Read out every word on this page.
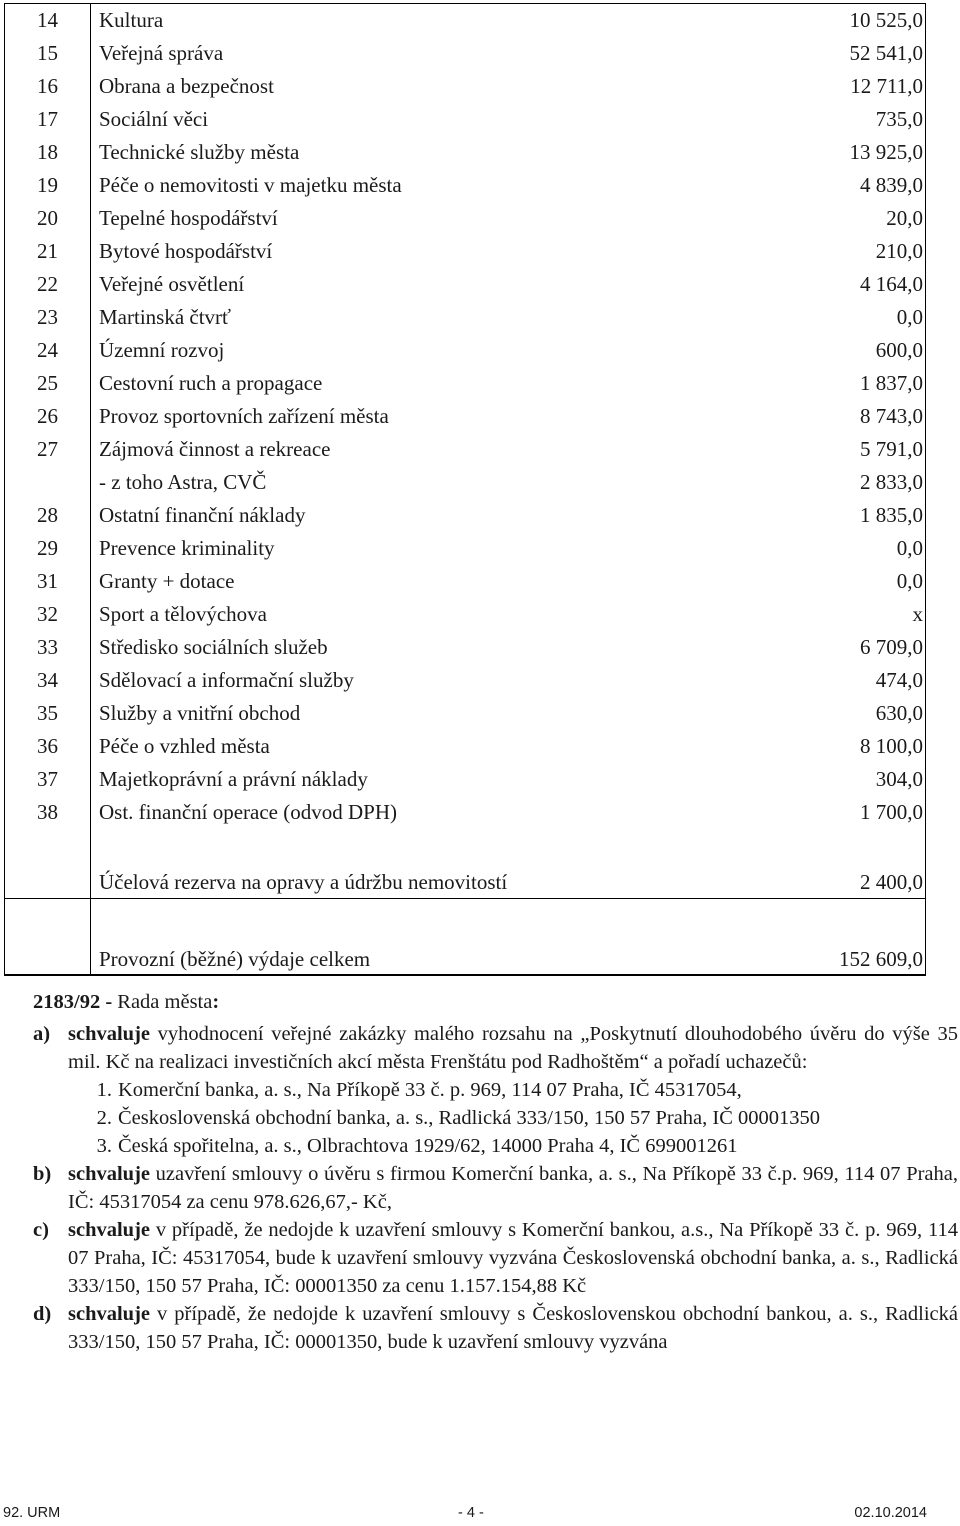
14	Kultura	10 525,0
15	Veřejná správa	52 541,0
16	Obrana a bezpečnost	12 711,0
17	Sociální věci	735,0
18	Technické služby města	13 925,0
19	Péče o nemovitosti v majetku města	4 839,0
20	Tepelné hospodářství	20,0
21	Bytové hospodářství	210,0
22	Veřejné osvětlení	4 164,0
23	Martinská čtvrť	0,0
24	Územní rozvoj	600,0
25	Cestovní ruch a propagace	1 837,0
26	Provoz sportovních zařízení města	8 743,0
27	Zájmová činnost a rekreace	5 791,0
	- z toho Astra, CVČ	2 833,0
28	Ostatní finanční náklady	1 835,0
29	Prevence kriminality	0,0
31	Granty + dotace	0,0
32	Sport a tělovýchova	x
33	Středisko sociálních služeb	6 709,0
34	Sdělovací a informační služby	474,0
35	Služby a vnitřní obchod	630,0
36	Péče o vzhled města	8 100,0
37	Majetkoprávní a právní náklady	304,0
38	Ost. finanční operace (odvod DPH)	1 700,0
	Účelová rezerva na opravy a údržbu nemovitostí	2 400,0
	Provozní (běžné) výdaje celkem	152 609,0
2183/92 - Rada města:
a) schvaluje vyhodnocení veřejné zakázky malého rozsahu na „Poskytnutí dlouhodobého úvěru do výše 35 mil. Kč na realizaci investičních akcí města Frenštátu pod Radhoštěm“ a pořadí uchazečů:
1. Komerční banka, a. s., Na Příkopě 33 č. p. 969, 114 07 Praha, IČ 45317054,
2. Československá obchodní banka, a. s., Radlická 333/150, 150 57 Praha, IČ 00001350
3. Česká spořitelna, a. s., Olbrachtova 1929/62, 14000 Praha 4, IČ 699001261
b) schvaluje uzavření smlouvy o úvěru s firmou Komerční banka, a. s., Na Příkopě 33 č.p. 969, 114 07 Praha, IČ: 45317054 za cenu 978.626,67,- Kč,
c) schvaluje v případě, že nedojde k uzavření smlouvy s Komerční bankou, a.s., Na Příkopě 33 č. p. 969, 114 07 Praha, IČ: 45317054, bude k uzavření smlouvy vyzvána Československá obchodní banka, a. s., Radlická 333/150, 150 57 Praha, IČ: 00001350 za cenu 1.157.154,88 Kč
d) schvaluje v případě, že nedojde k uzavření smlouvy s Československou obchodní bankou, a. s., Radlická 333/150, 150 57 Praha, IČ: 00001350, bude k uzavření smlouvy vyzvána
92. URM	- 4 -	02.10.2014
